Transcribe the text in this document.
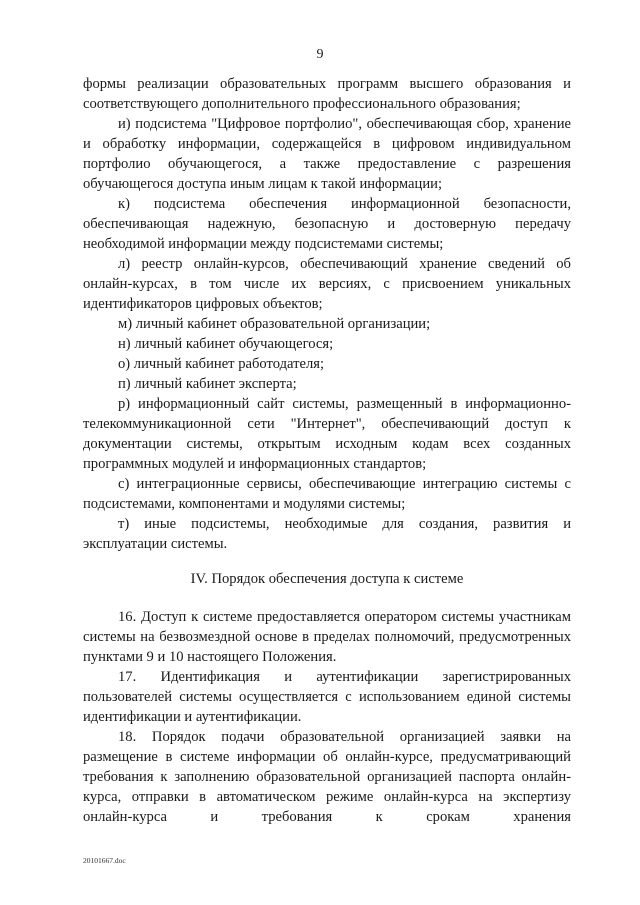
9

формы реализации образовательных программ высшего образования и соответствующего дополнительного профессионального образования;

и) подсистема "Цифровое портфолио", обеспечивающая сбор, хранение и обработку информации, содержащейся в цифровом индивидуальном портфолио обучающегося, а также предоставление с разрешения обучающегося доступа иным лицам к такой информации;

к) подсистема обеспечения информационной безопасности, обеспечивающая надежную, безопасную и достоверную передачу необходимой информации между подсистемами системы;

л) реестр онлайн-курсов, обеспечивающий хранение сведений об онлайн-курсах, в том числе их версиях, с присвоением уникальных идентификаторов цифровых объектов;

м) личный кабинет образовательной организации;

н) личный кабинет обучающегося;

о) личный кабинет работодателя;

п) личный кабинет эксперта;

р) информационный сайт системы, размещенный в информационно-телекоммуникационной сети "Интернет", обеспечивающий доступ к документации системы, открытым исходным кодам всех созданных программных модулей и информационных стандартов;

с) интеграционные сервисы, обеспечивающие интеграцию системы с подсистемами, компонентами и модулями системы;

т) иные подсистемы, необходимые для создания, развития и эксплуатации системы.

IV. Порядок обеспечения доступа к системе

16. Доступ к системе предоставляется оператором системы участникам системы на безвозмездной основе в пределах полномочий, предусмотренных пунктами 9 и 10 настоящего Положения.

17. Идентификация и аутентификации зарегистрированных пользователей системы осуществляется с использованием единой системы идентификации и аутентификации.

18. Порядок подачи образовательной организацией заявки на размещение в системе информации об онлайн-курсе, предусматривающий требования к заполнению образовательной организацией паспорта онлайн-курса, отправки в автоматическом режиме онлайн-курса на экспертизу онлайн-курса и требования к срокам хранения

20101667.doc
